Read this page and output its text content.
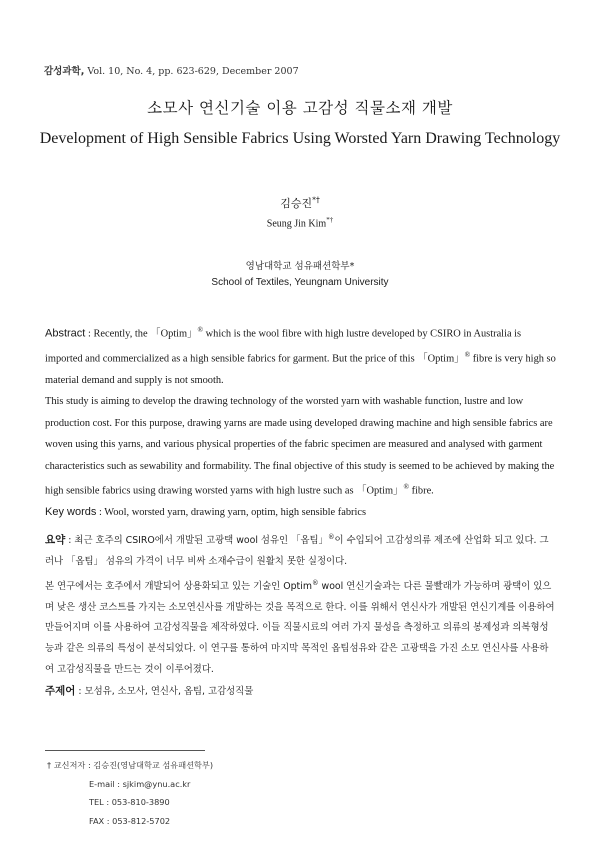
감성과학, Vol. 10, No. 4, pp. 623-629, December 2007
소모사 연신기술 이용 고감성 직물소재 개발
Development of High Sensible Fabrics Using Worsted Yarn Drawing Technology
김승진*†
Seung Jin Kim*†
영남대학교 섬유패션학부*
School of Textiles, Yeungnam University

Abstract : Recently, the 「Optim」® which is the wool fibre with high lustre developed by CSIRO in Australia is imported and commercialized as a high sensible fabrics for garment. But the price of this 「Optim」® fibre is very high so material demand and supply is not smooth.

This study is aiming to develop the drawing technology of the worsted yarn with washable function, lustre and low production cost. For this purpose, drawing yarns are made using developed drawing machine and high sensible fabrics are woven using this yarns, and various physical properties of the fabric specimen are measured and analysed with garment characteristics such as sewability and formability. The final objective of this study is seemed to be achieved by making the high sensible fabrics using drawing worsted yarns with high lustre such as 「Optim」® fibre.

Key words : Wool, worsted yarn, drawing yarn, optim, high sensible fabrics

요약 : 최근 호주의 CSIRO에서 개발된 고광택 wool 섬유인 「옵팀」®이 수입되어 고감성의류 제조에 산업화 되고 있다. 그러나 「옵팀」 섬유의 가격이 너무 비싸 소재수급이 원활치 못한 실정이다.

본 연구에서는 호주에서 개발되어 상용화되고 있는 기술인 Optim® wool 연신기술과는 다른 물빨래가 가능하며 광택이 있으며 낮은 생산 코스트를 가지는 소모연신사를 개발하는 것을 목적으로 한다. 이를 위해서 연신사가 개발된 연신기계를 이용하여 만들어지며 이를 사용하여 고감성직물을 제작하였다. 이들 직물시료의 여러 가지 물성을 측정하고 의류의 봉제성과 의복형성능과 같은 의류의 특성이 분석되었다. 이 연구를 통하여 마지막 목적인 옵팀섬유와 같은 고광택을 가진 소모 연신사를 사용하여 고감성직물을 만드는 것이 이루어졌다.

주제어 : 모섬유, 소모사, 연신사, 옵팀, 고감성직물

† 교신저자 : 김승진(영남대학교 섬유패션학부)
E-mail : sjkim@ynu.ac.kr
TEL : 053-810-3890
FAX : 053-812-5702
